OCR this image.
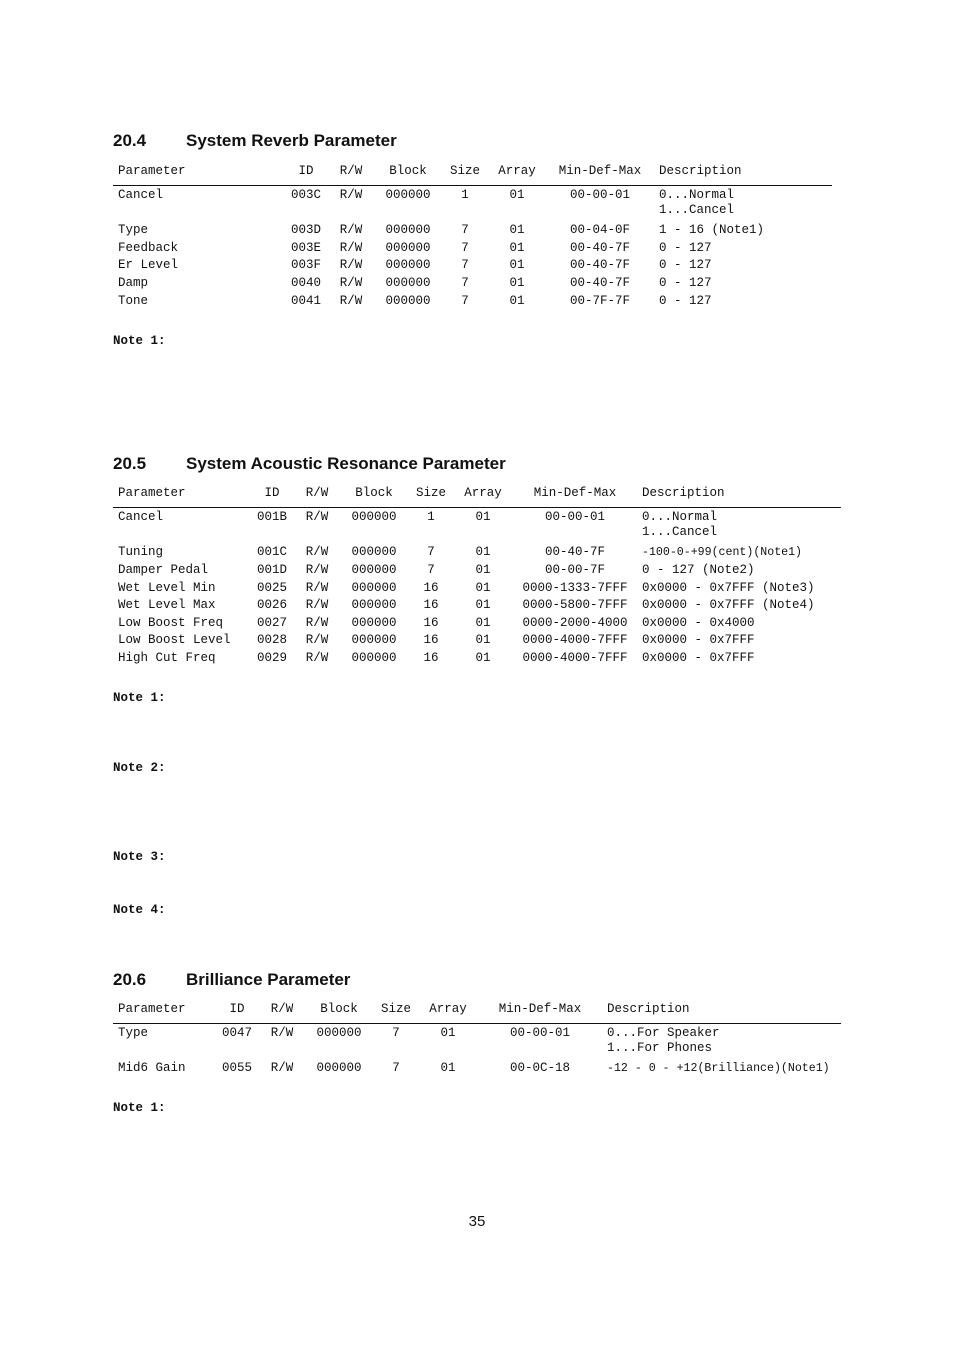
20.4 System Reverb Parameter
Parameter	ID R/W Block Size Array Min-Def-Max Description
Cancel	003C R/W 000000 1	01	00-00-01 0...Normal
1...Cancel
Type	003D R/W 000000 7	01	00-04-0F 1 - 16 (Note1)
Feedback	003E R/W 000000 7	01	00-40-7F 0 - 127
Er Level	003F R/W 000000 7	01	00-40-7F 0 - 127
Damp	0040 R/W 000000 7	01	00-40-7F 0 - 127
Tone	0041 R/W 000000 7	01	00-7F-7F 0 - 127
Note 1:
20.5 System Acoustic Resonance Parameter
Parameter	ID R/W Block Size Array	Min-Def-Max Description
Cancel	001B R/W 000000 1	01	00-00-01	0...Normal
1...Cancel
Tuning	001C R/W 000000 7	01	00-40-7F	-100-0-+99(cent)(Note1)
Damper Pedal	001D R/W 000000 7	01	00-00-7F	0 - 127 (Note2)
Wet Level Min	0025 R/W 000000 16	01	0000-1333-7FFF 0x0000 - 0x7FFF (Note3)
Wet Level Max	0026 R/W 000000 16	01	0000-5800-7FFF 0x0000 - 0x7FFF (Note4)
Low Boost Freq	0027 R/W 000000 16	01	0000-2000-4000 0x0000 - 0x4000
Low Boost Level 0028 R/W 000000 16	01	0000-4000-7FFF 0x0000 - 0x7FFF
High Cut Freq	0029 R/W 000000 16	01	0000-4000-7FFF 0x0000 - 0x7FFF
Note 1:
Note 2:
Note 3:
Note 4:
20.6 Brilliance Parameter
Parameter	ID R/W Block Size Array	Min-Def-Max Description
Type	0047 R/W 000000 7	01	00-00-01	0...For Speaker
1...For Phones
Mid6 Gain	0055 R/W 000000 7	01	00-0C-18	-12 - 0 - +12(Brilliance)(Note1)
Note 1:
35
